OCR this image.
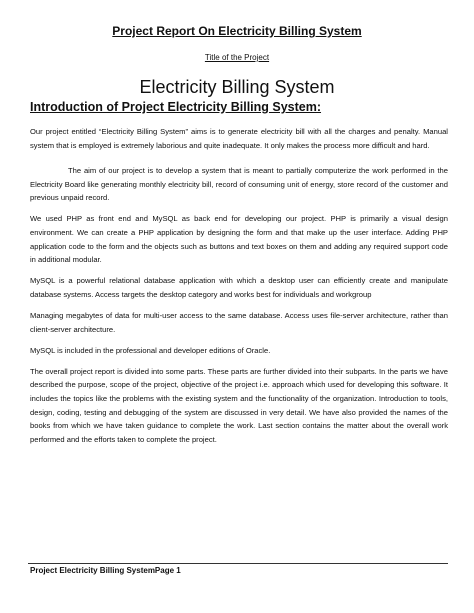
Project Report On Electricity Billing System

Title of the Project

Electricity Billing System
Introduction of Project Electricity Billing System:

Our project entitled “Electricity Billing System” aims is to generate electricity bill with all the charges and penalty. Manual system that is employed is extremely laborious and quite inadequate. It only makes the process more difficult and hard.

The aim of our project is to develop a system that is meant to partially computerize the work performed in the Electricity Board like generating monthly electricity bill, record of consuming unit of energy, store record of the customer and previous unpaid record.

We used PHP as front end and MySQL as back end for developing our project. PHP is primarily a visual design environment. We can create a PHP application by designing the form and that make up the user interface. Adding PHP application code to the form and the objects such as buttons and text boxes on them and adding any required support code in additional modular.

MySQL is a powerful relational database application with which a desktop user can efficiently create and manipulate database systems. Access targets the desktop category and works best for individuals and workgroup

Managing megabytes of data for multi-user access to the same database. Access uses file-server architecture, rather than client-server architecture.

MySQL is included in the professional and developer editions of Oracle.

The overall project report is divided into some parts. These parts are further divided into their subparts. In the parts we have described the purpose, scope of the project, objective of the project i.e. approach which used for developing this software. It includes the topics like the problems with the existing system and the functionality of the organization. Introduction to tools, design, coding, testing and debugging of the system are discussed in very detail. We have also provided the names of the books from which we have taken guidance to complete the work. Last section contains the matter about the overall work performed and the efforts taken to complete the project.

Project Electricity Billing SystemPage 1
